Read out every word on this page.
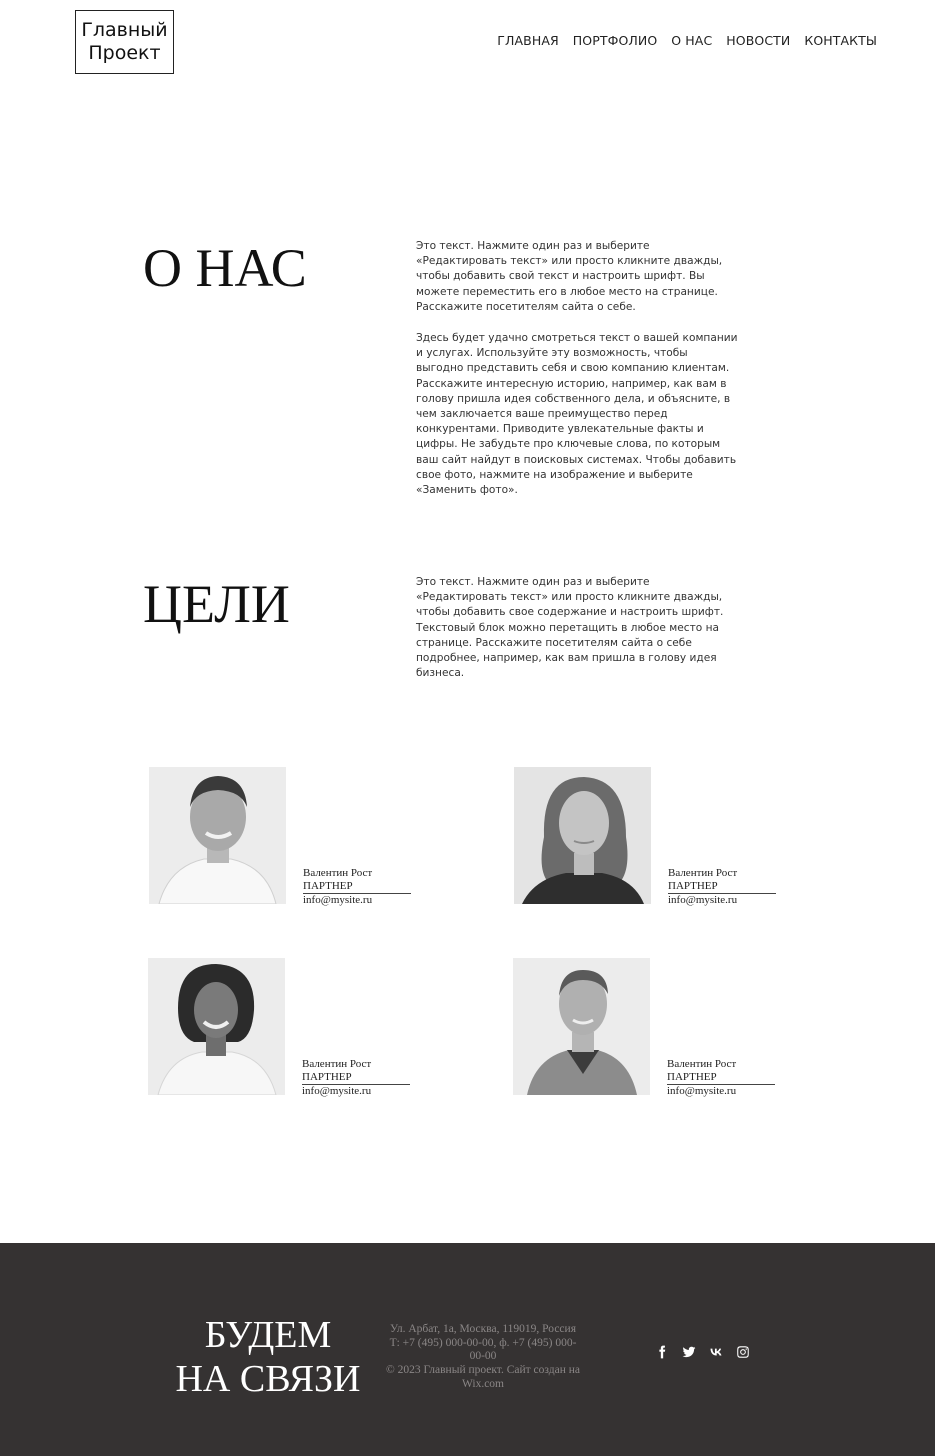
Главный
Проект
ГЛАВНАЯ ПОРТФОЛИО О НАС НОВОСТИ КОНТАКТЫ
О НАС	Это текст. Нажмите один раз и выберите «Редактировать текст» или просто кликните дважды, чтобы добавить свой текст и настроить шрифт. Вы можете переместить его в любое место на странице. Расскажите посетителям сайта о себе.

Здесь будет удачно смотреться текст о вашей компании и услугах. Используйте эту возможность, чтобы выгодно представить себя и свою компанию клиентам. Расскажите интересную историю, например, как вам в голову пришла идея собственного дела, и объясните, в чем заключается ваше преимущество перед конкурентами. Приводите увлекательные факты и цифры. Не забудьте про ключевые слова, по которым ваш сайт найдут в поисковых системах. Чтобы добавить свое фото, нажмите на изображение и выберите «Заменить фото».

ЦЕЛИ	Это текст. Нажмите один раз и выберите «Редактировать текст» или просто кликните дважды, чтобы добавить свое содержание и настроить шрифт. Текстовый блок можно перетащить в любое место на странице. Расскажите посетителям сайта о себе подробнее, например, как вам пришла в голову идея бизнеса.

Валентин Рост
ПАРТНЕР
info@mysite.ru
Валентин Рост
ПАРТНЕР
info@mysite.ru
Валентин Рост
ПАРТНЕР
info@mysite.ru
Валентин Рост
ПАРТНЕР
info@mysite.ru
БУДЕМ
НА СВЯЗИ
Ул. Арбат, 1а, Москва, 119019, Россия
Т: +7 (495) 000-00-00, ф. +7 (495) 000-00-00
© 2023 Главный проект. Сайт создан на Wix.com
